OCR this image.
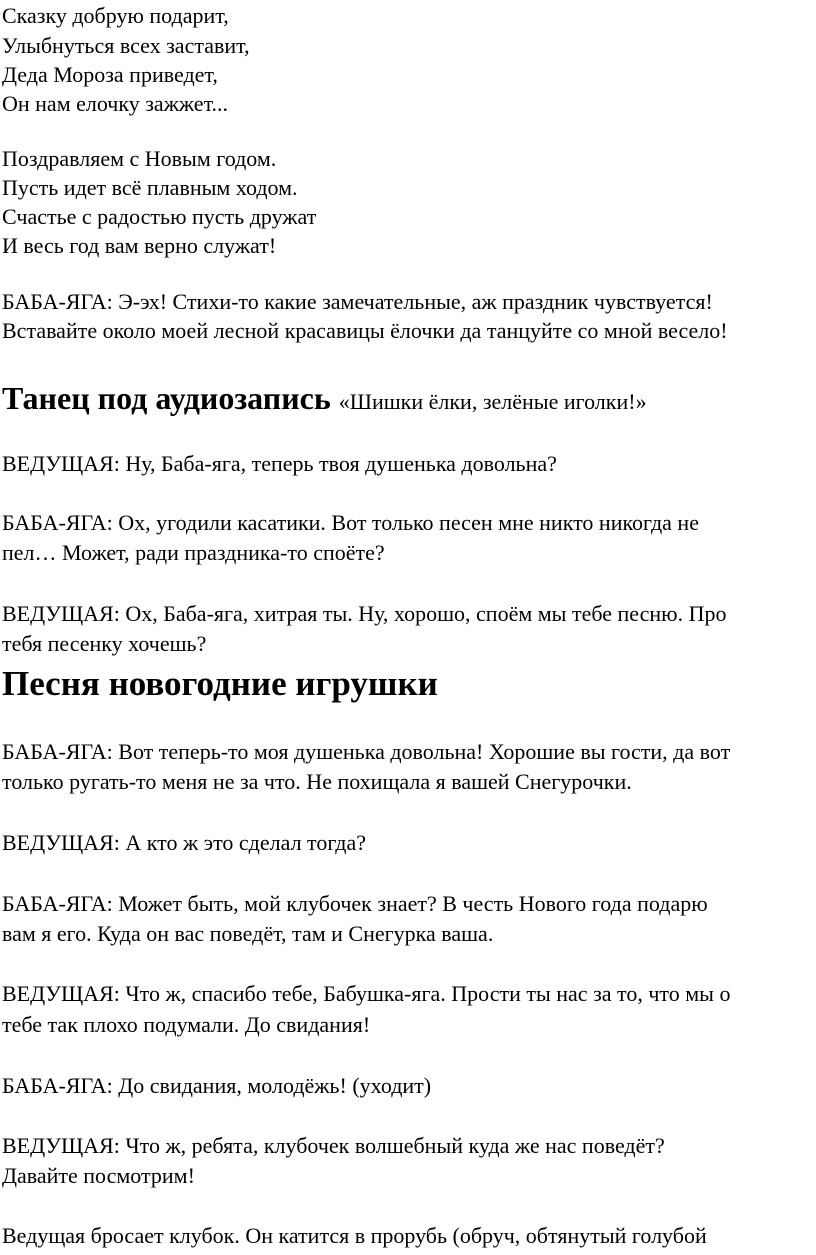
Сказку добрую подарит,
Улыбнуться всех заставит,
Деда Мороза приведет,
Он нам елочку зажжет...
Поздравляем с Новым годом.
Пусть идет всё плавным ходом.
Счастье с радостью пусть дружат
И весь год вам верно служат!
БАБА-ЯГА: Э-эх! Стихи-то какие замечательные, аж праздник чувствуется!
Вставайте около моей лесной красавицы ёлочки да танцуйте со мной весело!
Танец под аудиозапись «Шишки ёлки, зелёные иголки!»
ВЕДУЩАЯ: Ну, Баба-яга, теперь твоя душенька довольна?
БАБА-ЯГА: Ох, угодили касатики. Вот только песен мне никто никогда не
пел… Может, ради праздника-то споёте?
ВЕДУЩАЯ: Ох, Баба-яга, хитрая ты. Ну, хорошо, споём мы тебе песню. Про
тебя песенку хочешь?
Песня новогодние игрушки
БАБА-ЯГА: Вот теперь-то моя душенька довольна! Хорошие вы гости, да вот
только ругать-то меня не за что. Не похищала я вашей Снегурочки.
ВЕДУЩАЯ: А кто ж это сделал тогда?
БАБА-ЯГА: Может быть, мой клубочек знает? В честь Нового года подарю
вам я его. Куда он вас поведёт, там и Снегурка ваша.
ВЕДУЩАЯ: Что ж, спасибо тебе, Бабушка-яга. Прости ты нас за то, что мы о
тебе так плохо подумали. До свидания!
БАБА-ЯГА: До свидания, молодёжь! (уходит)
ВЕДУЩАЯ: Что ж, ребята, клубочек волшебный куда же нас поведёт?
Давайте посмотрим!
Ведущая бросает клубок. Он катится в прорубь (обруч, обтянутый голубой
